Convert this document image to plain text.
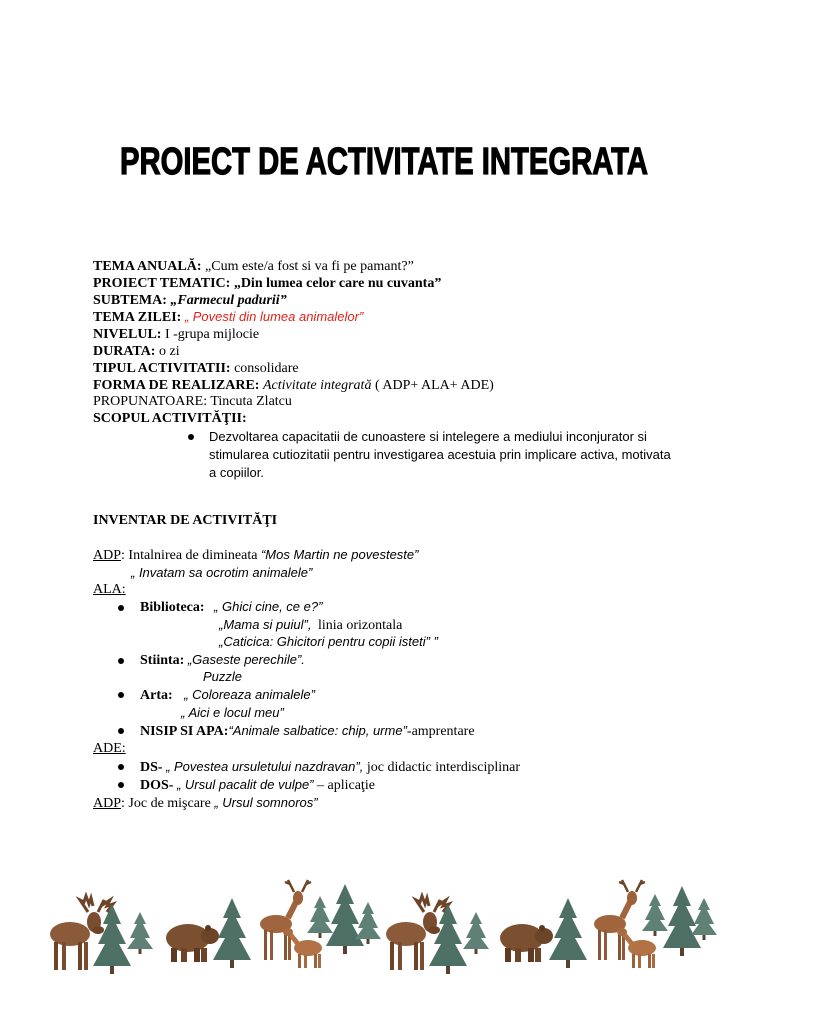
PROIECT DE ACTIVITATE INTEGRATA
TEMA ANUALĂ: „Cum este/a fost si va fi pe pamant?”
PROIECT TEMATIC: „Din lumea celor care nu cuvanta”
SUBTEMA: „Farmecul padurii”
TEMA ZILEI: „ Povesti din lumea animalelor”
NIVELUL: I -grupa mijlocie
DURATA: o zi
TIPUL ACTIVITATII: consolidare
FORMA DE REALIZARE: Activitate integrată ( ADP+ ALA+ ADE)
PROPUNATOARE: Tincuta Zlatcu
SCOPUL ACTIVITĂŢII:
Dezvoltarea capacitatii de cunoastere si intelegere a mediului inconjurator si stimularea cutiozitatii pentru investigarea acestuia prin implicare activa, motivata a copiilor.
INVENTAR DE ACTIVITĂŢI
ADP: Intalnirea de dimineata “Mos Martin ne povesteste”
„ Invatam sa ocrotim animalele”
ALA:
Biblioteca: „ Ghici cine, ce e?”
„Mama si puiul”, linia orizontala
„Caticica: Ghicitori pentru copii isteti” ”
Stiinta: „Gaseste perechile”.
Puzzle
Arta: „ Coloreaza animalele”
„ Aici e locul meu”
NISIP SI APA:“Animale salbatice: chip, urme”-amprentare
ADE:
DS- „ Povestea ursuletului nazdravan”, joc didactic interdisciplinar
DOS- „ Ursul pacalit de vulpe” – aplicaţie
ADP: Joc de mişcare „ Ursul somnoros”
